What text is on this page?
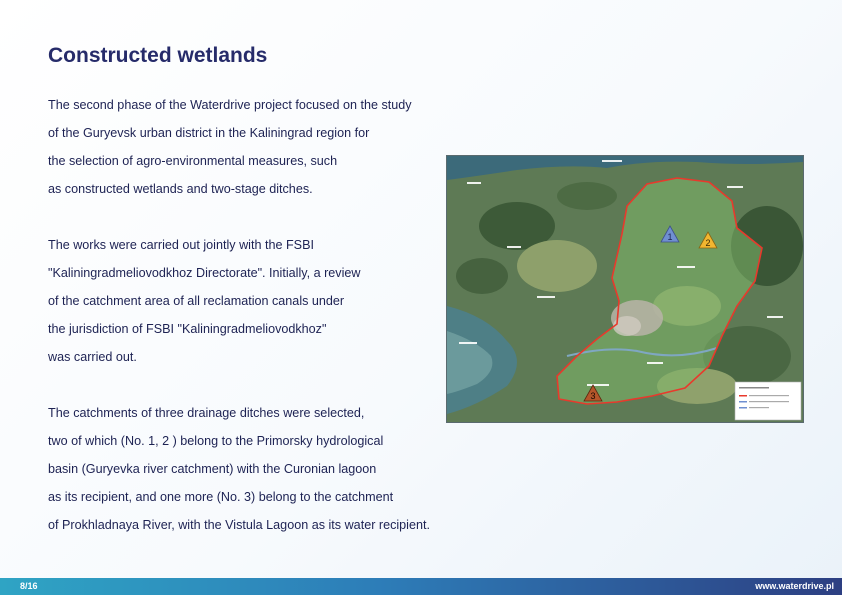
Constructed wetlands
The second phase of the Waterdrive project focused on the study
of the Guryevsk urban district in the Kaliningrad region for
the selection of agro-environmental measures, such
as constructed wetlands and two-stage ditches.
The works were carried out jointly with the FSBI
"Kaliningradmeliovodkhoz Directorate". Initially, a review
of the catchment area of all reclamation canals under
the jurisdiction of FSBI "Kaliningradmeliovodkhoz"
was carried out.
The catchments of three drainage ditches were selected,
two of which (No. 1, 2 ) belong to the Primorsky hydrological
basin (Guryevka river catchment) with the Curonian lagoon
as its recipient, and one more (No. 3) belong to the catchment
of Prokhladnaya River, with the Vistula Lagoon as its water recipient.
1
2
3
8/16	www.waterdrive.pl
